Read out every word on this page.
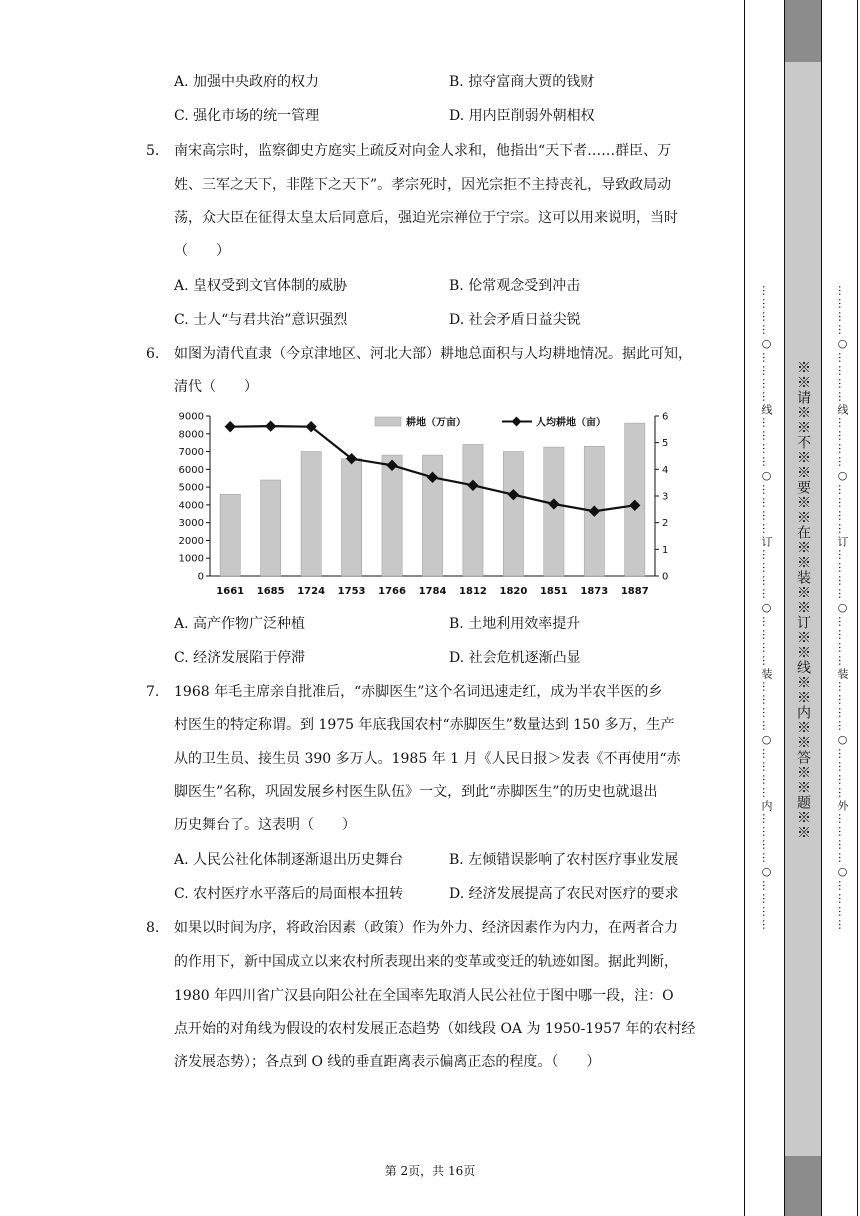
A. 加强中央政府的权力	B. 掠夺富商大贾的钱财
C. 强化市场的统一管理	D. 用内臣削弱外朝相权
5. 南宋高宗时，监察御史方庭实上疏反对向金人求和，他指出“天下者……群臣、万
姓、三军之天下，非陛下之天下”。孝宗死时，因光宗拒不主持丧礼，导致政局动
荡，众大臣在征得太皇太后同意后，强迫光宗禅位于宁宗。这可以用来说明，当时
（　　）
A. 皇权受到文官体制的威胁	B. 伦常观念受到冲击
C. 士人“与君共治”意识强烈	D. 社会矛盾日益尖锐
6. 如图为清代直隶（今京津地区、河北大部）耕地总面积与人均耕地情况。据此可知，
清代（　　）
0
1000
2000
3000
4000
5000
6000
7000
8000
9000
0
1
2
3
4
5
6
1661 1685 1724 1753 1766 1784 1812 1820 1851 1873 1887
耕地（万亩）	人均耕地（亩）
A. 高产作物广泛种植	B. 土地利用效率提升
C. 经济发展陷于停滞	D. 社会危机逐渐凸显
7. 1968 年毛主席亲自批准后，“赤脚医生”这个名词迅速走红，成为半农半医的乡
村医生的特定称谓。到 1975 年底我国农村“赤脚医生”数量达到 150 多万，生产
从的卫生员、接生员 390 多万人。1985 年 1 月《人民日报＞发表《不再使用“赤
脚医生”名称，巩固发展乡村医生队伍》一文，到此“赤脚医生”的历史也就退出
历史舞台了。这表明（　　）
A. 人民公社化体制逐渐退出历史舞台	B. 左倾错误影响了农村医疗事业发展
C. 农村医疗水平落后的局面根本扭转	D. 经济发展提高了农民对医疗的要求
8. 如果以时间为序，将政治因素（政策）作为外力、经济因素作为内力，在两者合力
的作用下，新中国成立以来农村所表现出来的变革或变迁的轨迹如图。据此判断，
1980 年四川省广汉县向阳公社在全国率先取消人民公社位于图中哪一段，注：O
点开始的对角线为假设的农村发展正态趋势（如线段 OA 为 1950-1957 年的农村经
济发展态势）；各点到 O 线的垂直距离表示偏离正态的程度。（　　）
第 2页，共 16页
…………○…………线…………○…………订…………○…………装…………○…………内…………○…………	…………○…………线…………○…………订…………○…………装…………○…………外…………○…………
※※请※※不※※要※※在※※装※※订※※线※※内※※答※※题※※
